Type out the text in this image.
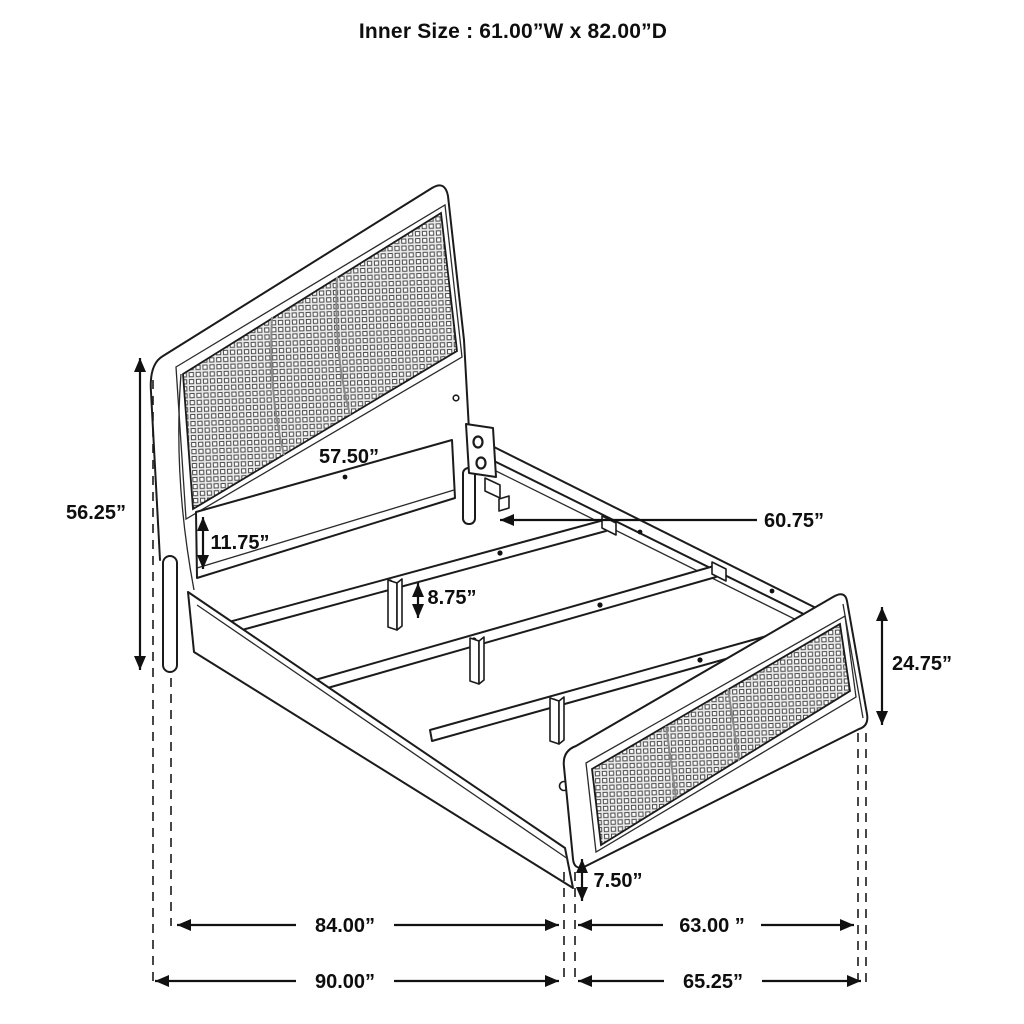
Inner Size : 61.00”W x 82.00”D
56.25”
11.75”
57.50”
60.75”
8.75”
24.75”
7.50”
84.00”	63.00 ”
90.00”	65.25”
